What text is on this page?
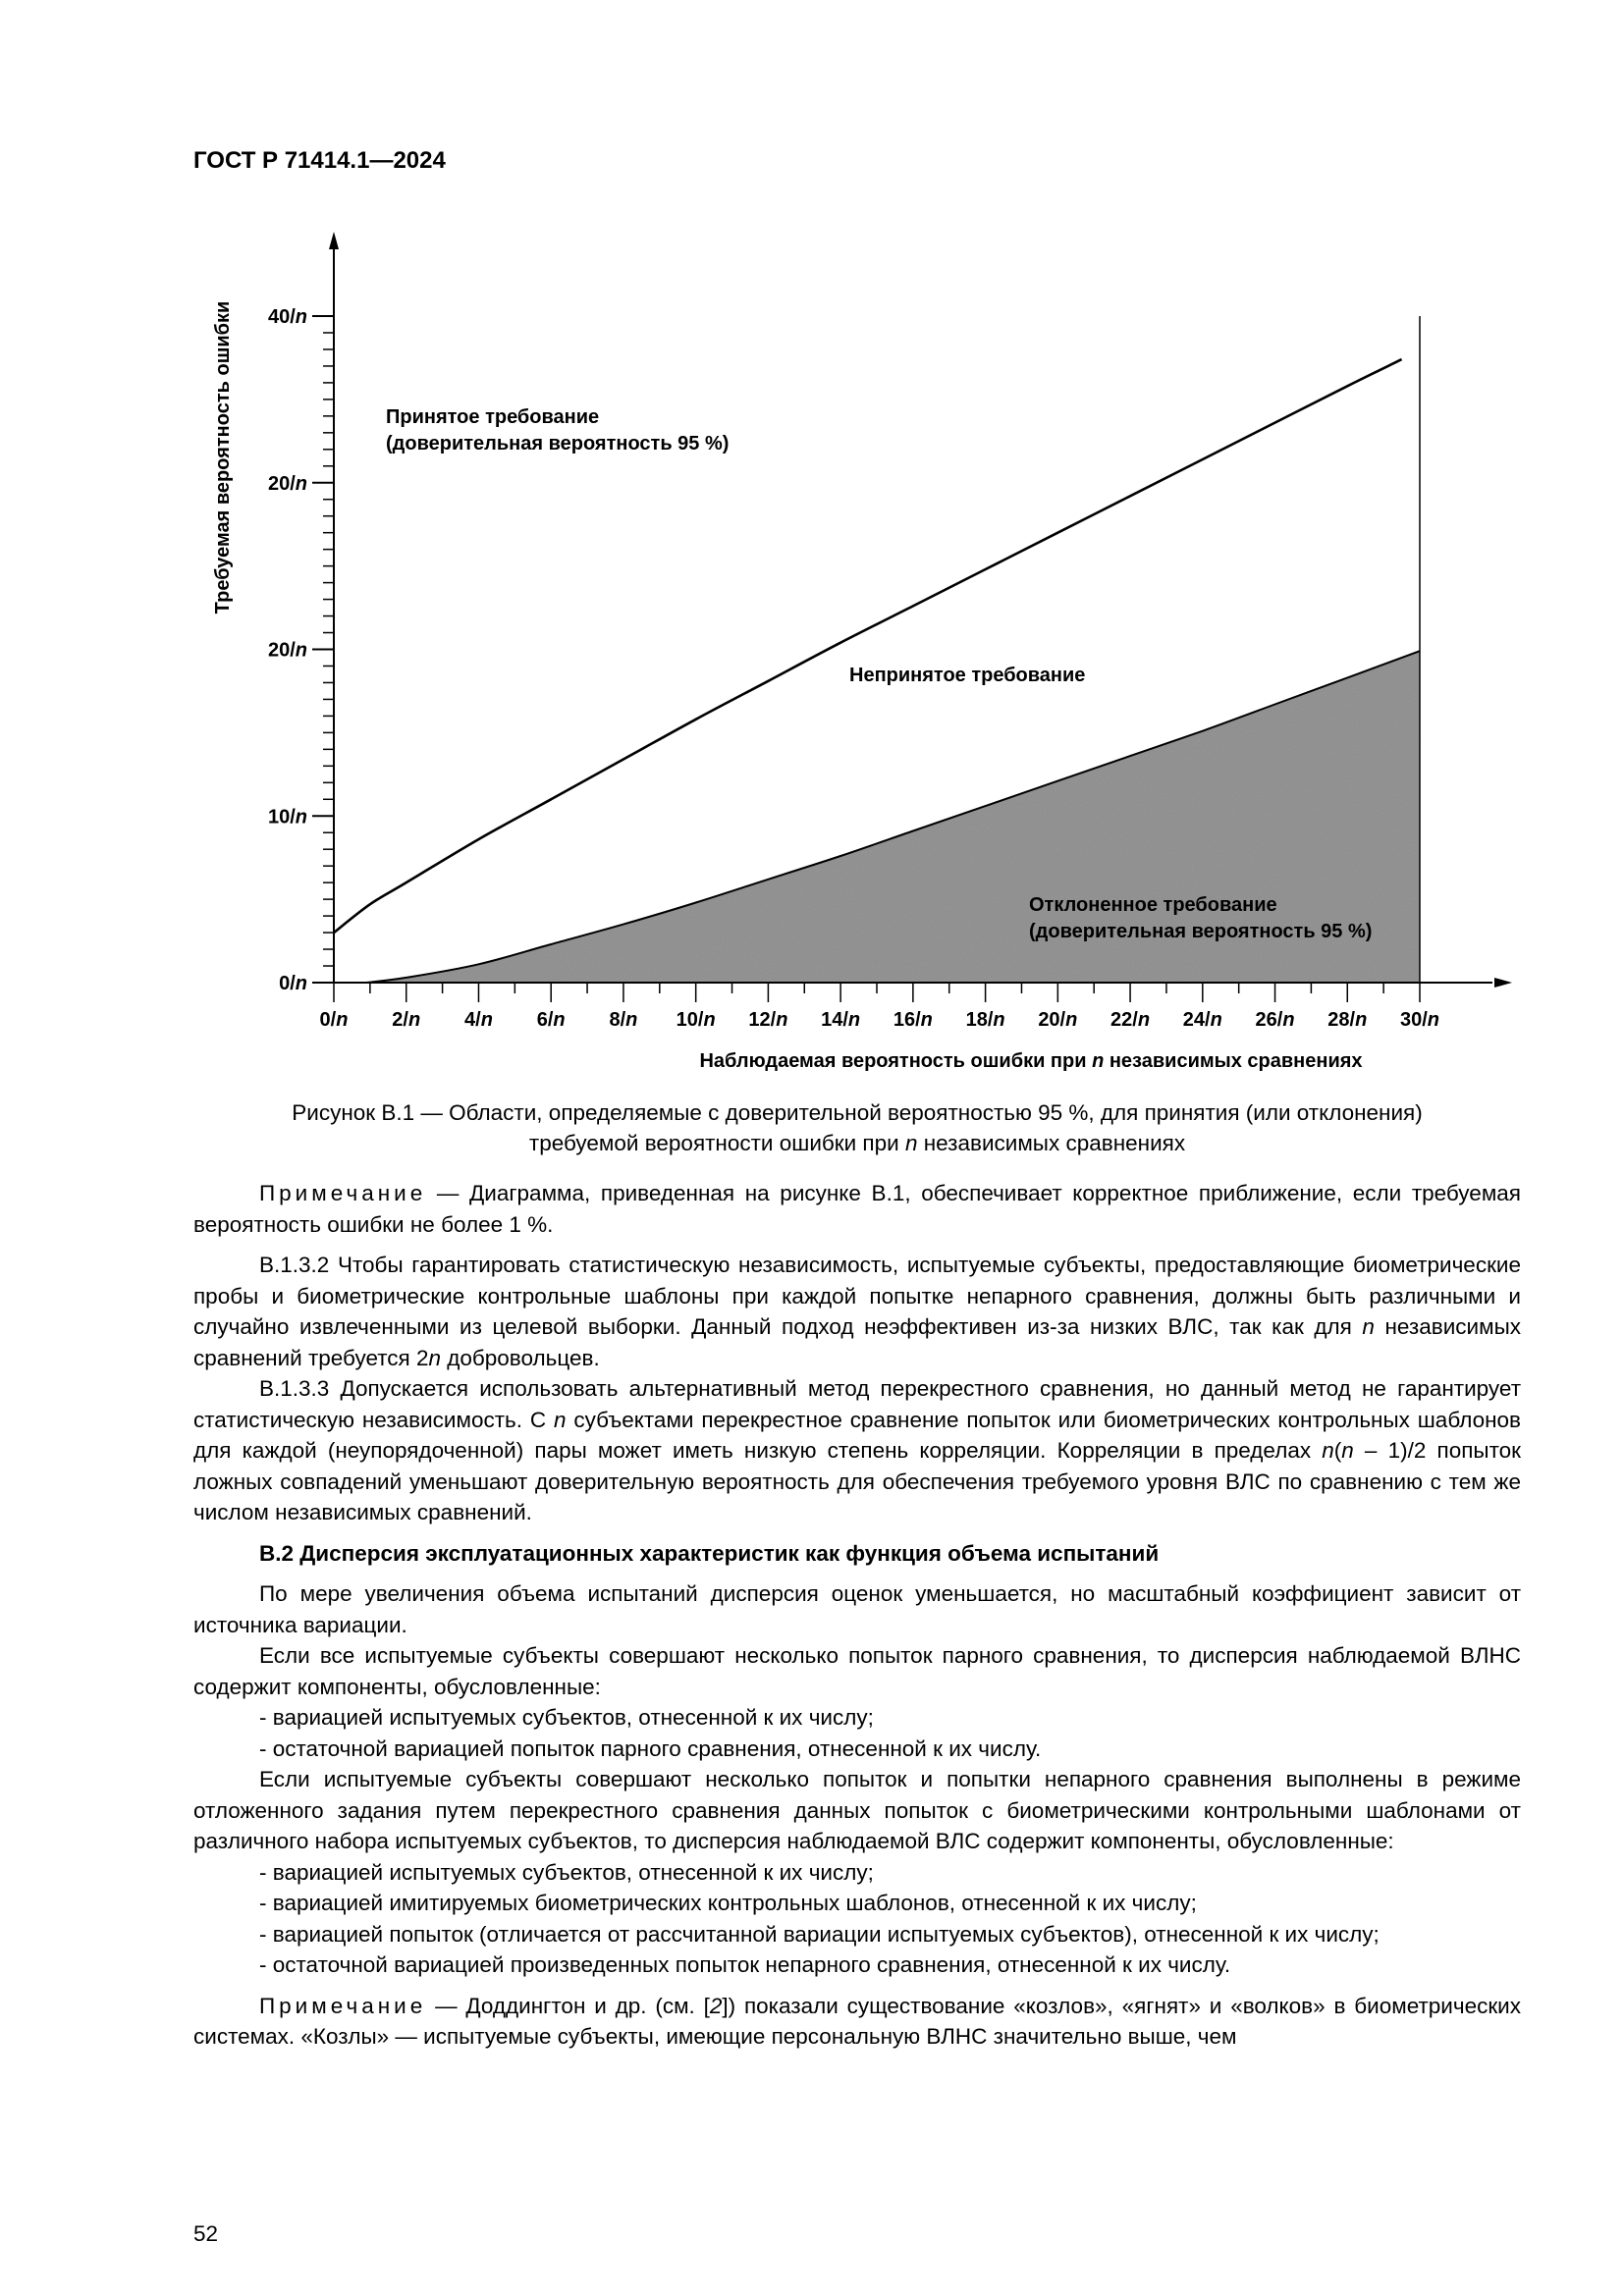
ГОСТ Р 71414.1—2024
0/n
10/n
20/n
20/n
40/n
0/n 2/n 4/n 6/n 8/n 10/n 12/n 14/n 16/n 18/n 20/n 22/n 24/n 26/n 28/n 30/n
Требуемая вероятность ошибки
Наблюдаемая вероятность ошибки при n независимых сравнениях
Принятое требование
(доверительная вероятность 95 %)
Непринятое требование
Отклоненное требование
(доверительная вероятность 95 %)
Рисунок В.1 — Области, определяемые с доверительной вероятностью 95 %, для принятия (или отклонения)
требуемой вероятности ошибки при n независимых сравнениях

Примечание — Диаграмма, приведенная на рисунке В.1, обеспечивает корректное приближение, если требуемая вероятность ошибки не более 1 %.

В.1.3.2 Чтобы гарантировать статистическую независимость, испытуемые субъекты, предоставляющие биометрические пробы и биометрические контрольные шаблоны при каждой попытке непарного сравнения, должны быть различными и случайно извлеченными из целевой выборки. Данный подход неэффективен из-за низких ВЛС, так как для n независимых сравнений требуется 2n добровольцев.

В.1.3.3 Допускается использовать альтернативный метод перекрестного сравнения, но данный метод не гарантирует статистическую независимость. С n субъектами перекрестное сравнение попыток или биометрических контрольных шаблонов для каждой (неупорядоченной) пары может иметь низкую степень корреляции. Корреляции в пределах n(n – 1)/2 попыток ложных совпадений уменьшают доверительную вероятность для обеспечения требуемого уровня ВЛС по сравнению с тем же числом независимых сравнений.

В.2 Дисперсия эксплуатационных характеристик как функция объема испытаний

По мере увеличения объема испытаний дисперсия оценок уменьшается, но масштабный коэффициент зависит от источника вариации.

Если все испытуемые субъекты совершают несколько попыток парного сравнения, то дисперсия наблюдаемой ВЛНС содержит компоненты, обусловленные:

- вариацией испытуемых субъектов, отнесенной к их числу;

- остаточной вариацией попыток парного сравнения, отнесенной к их числу.

Если испытуемые субъекты совершают несколько попыток и попытки непарного сравнения выполнены в режиме отложенного задания путем перекрестного сравнения данных попыток с биометрическими контрольными шаблонами от различного набора испытуемых субъектов, то дисперсия наблюдаемой ВЛС содержит компоненты, обусловленные:

- вариацией испытуемых субъектов, отнесенной к их числу;

- вариацией имитируемых биометрических контрольных шаблонов, отнесенной к их числу;

- вариацией попыток (отличается от рассчитанной вариации испытуемых субъектов), отнесенной к их числу;

- остаточной вариацией произведенных попыток непарного сравнения, отнесенной к их числу.

Примечание — Доддингтон и др. (см. [2]) показали существование «козлов», «ягнят» и «волков» в биометрических системах. «Козлы» — испытуемые субъекты, имеющие персональную ВЛНС значительно выше, чем

52
